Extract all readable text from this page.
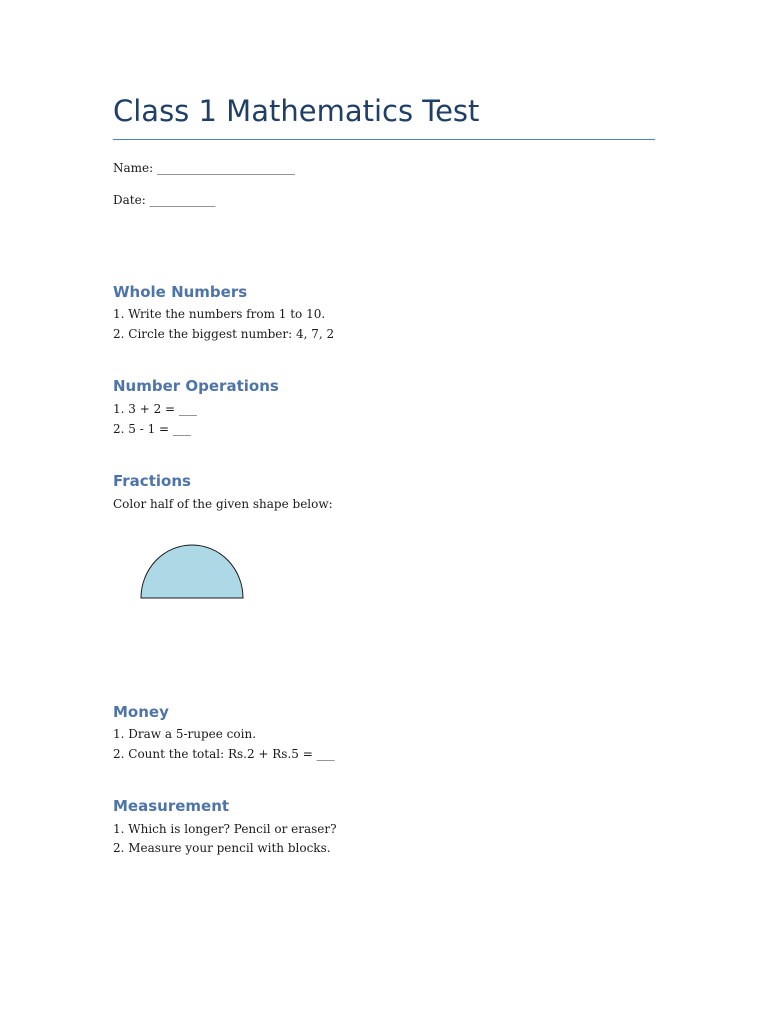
Class 1 Mathematics Test
Name: _______________________
Date: ___________
Whole Numbers
1. Write the numbers from 1 to 10.
2. Circle the biggest number: 4, 7, 2
Number Operations
1. 3 + 2 = ___
2. 5 - 1 = ___
Fractions
Color half of the given shape below:
Money
1. Draw a 5-rupee coin.
2. Count the total: Rs.2 + Rs.5 = ___
Measurement
1. Which is longer? Pencil or eraser?
2. Measure your pencil with blocks.
